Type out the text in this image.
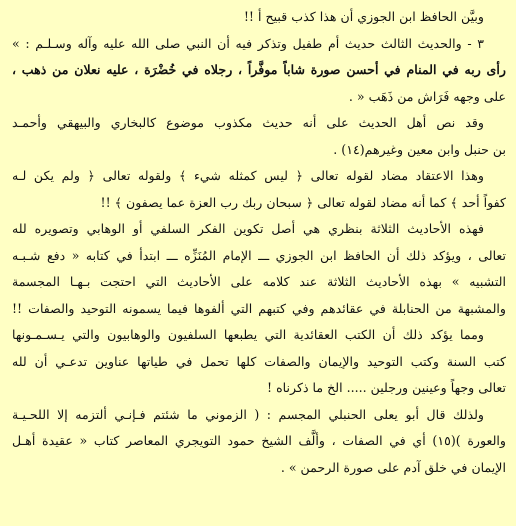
وبيَّن الحافظ ابن الجوزي أن هذا كذب قبيح أ !!
٣ - والحديث الثالث حديث أم طفيل وتذكر فيه أن النبي صلى الله عليه وآله وسـلـم : »
رأى ربه في المنام في أحسن صورة شاباً موفَّراً ، رجلاه في خُضْرَة ، عليه نعلان من ذهب ،
على وجهه فَرَاش من ذَهَب « .
وقد نص أهل الحديث على أنه حديث مكذوب موضوع كالبخاري والبيهقي وأحمـد
بن حنبل وابن معين وغيرهم(١٤) .
وهذا الاعتقاد مضاد لقوله تعالى ﴿ ليس كمثله شيء ﴾ ولقوله تعالى ﴿ ولم يكن لـه
كفواً أحد ﴾ كما أنه مضاد لقوله تعالى ﴿ سبحان ربك رب العزة عما يصفون ﴾ !!
فهذه الأحاديث الثلاثة بنظري هي أصل تكوين الفكر السلفي أو الوهابي وتصويره لله
تعالى ، ويؤكد ذلك أن الحافظ ابن الجوزي ـــ الإمام المُنَزِّه ـــ ابتدأ في كتابه « دفع شـبـه
التشبيه » بهذه الأحاديث الثلاثة عند كلامه على الأحاديث التي احتجت بـهـا المجسمة
والمشبهة من الحنابلة في عقائدهم وفي كتبهم التي ألفوها فيما يسمونه التوحيد والصفات !!
ومما يؤكد ذلك أن الكتب العقائدية التي يطبعها السلفيون والوهابيون والتي يـسـمـونها
كتب السنة وكتب التوحيد والإيمان والصفات كلها تحمل في طياتها عناوين تدعـي أن لله
تعالى وجهاً وعينين ورجلين ..... الخ ما ذكرناه !
ولذلك قال أبو يعلى الحنبلي المجسم : ( الزموني ما شئتم فـإنـي ألتزمه إلا اللحـيـة
والعورة )(١٥) أي في الصفات ، وألَّف الشيخ حمود التويجري المعاصر كتاب « عقيدة أهـل
الإيمان في خلق آدم على صورة الرحمن » .
